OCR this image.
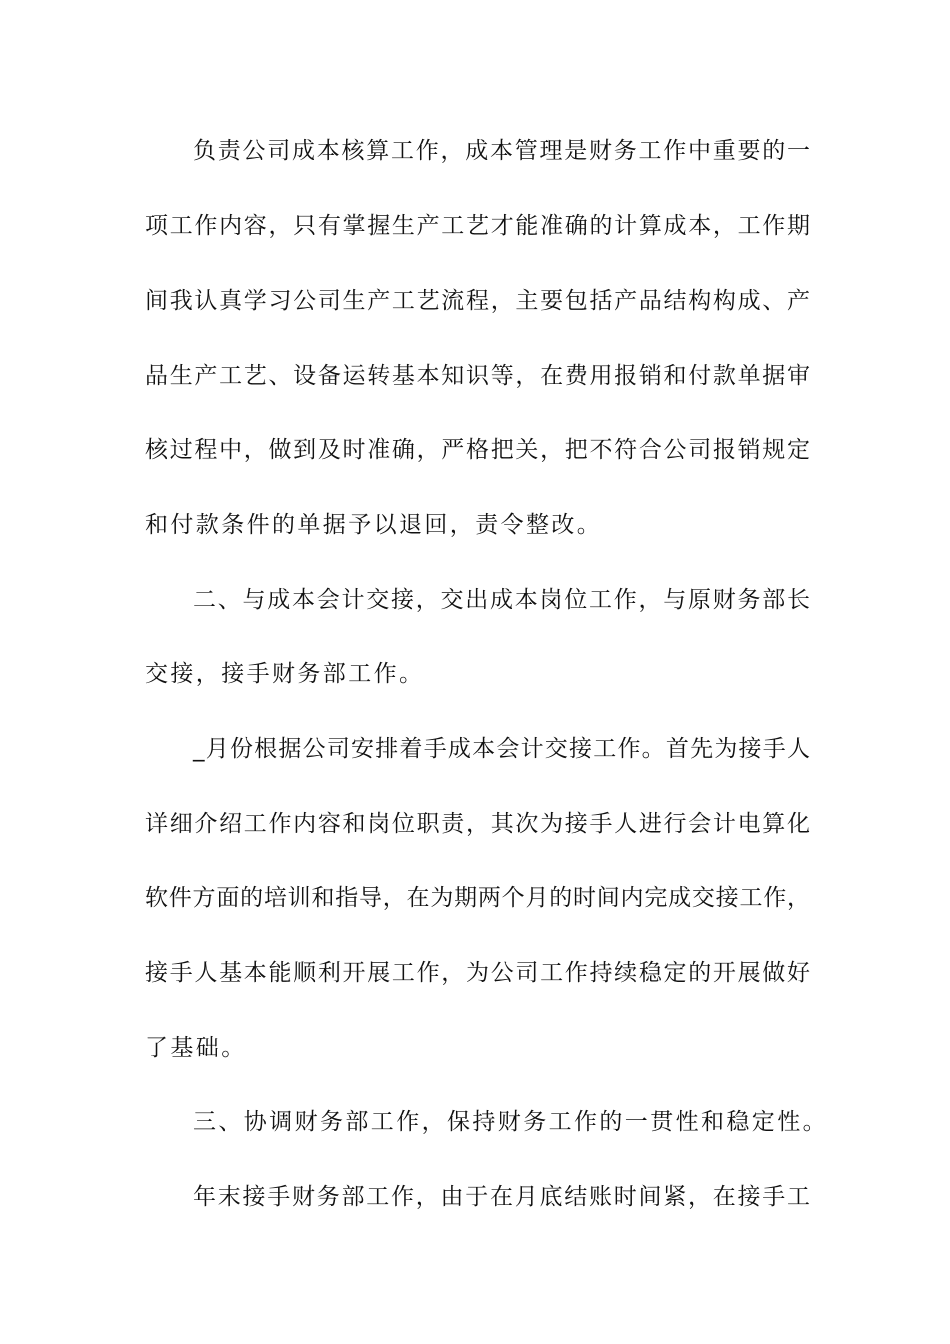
负责公司成本核算工作，成本管理是财务工作中重要的一
项工作内容，只有掌握生产工艺才能准确的计算成本，工作期
间我认真学习公司生产工艺流程，主要包括产品结构构成、产
品生产工艺、设备运转基本知识等，在费用报销和付款单据审
核过程中，做到及时准确，严格把关，把不符合公司报销规定
和付款条件的单据予以退回，责令整改。
二、与成本会计交接，交出成本岗位工作，与原财务部长
交接，接手财务部工作。
_月份根据公司安排着手成本会计交接工作。首先为接手人
详细介绍工作内容和岗位职责，其次为接手人进行会计电算化
软件方面的培训和指导，在为期两个月的时间内完成交接工作，
接手人基本能顺利开展工作，为公司工作持续稳定的开展做好
了基础。
三、协调财务部工作，保持财务工作的一贯性和稳定性。
年末接手财务部工作，由于在月底结账时间紧，在接手工
